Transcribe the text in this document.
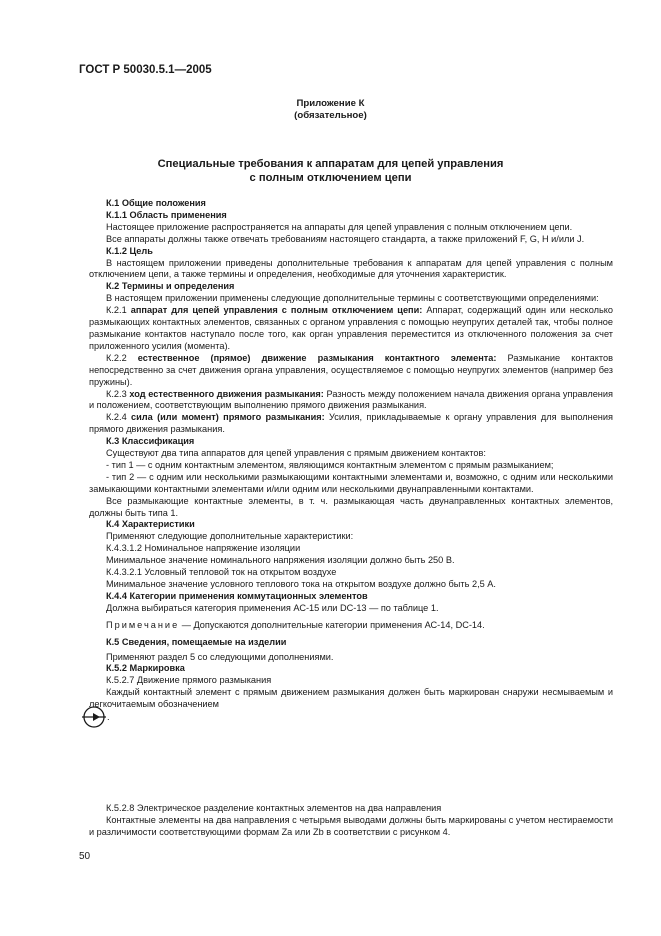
ГОСТ Р 50030.5.1—2005
Приложение К
(обязательное)
Специальные требования к аппаратам для цепей управления
с полным отключением цепи

К.1 Общие положения

К.1.1 Область применения

Настоящее приложение распространяется на аппараты для цепей управления с полным отключением цепи.

Все аппараты должны также отвечать требованиям настоящего стандарта, а также приложений F, G, H и/или J.

К.1.2 Цель

В настоящем приложении приведены дополнительные требования к аппаратам для цепей управления с полным отключением цепи, а также термины и определения, необходимые для уточнения характеристик.

К.2 Термины и определения

В настоящем приложении применены следующие дополнительные термины с соответствующими определениями:

К.2.1 аппарат для цепей управления с полным отключением цепи: Аппарат, содержащий один или несколько размыкающих контактных элементов, связанных с органом управления с помощью неупругих деталей так, чтобы полное размыкание контактов наступало после того, как орган управления переместится из отключенного положения за счет приложенного усилия (момента).

К.2.2 естественное (прямое) движение размыкания контактного элемента: Размыкание контактов непосредственно за счет движения органа управления, осуществляемое с помощью неупругих элементов (например без пружины).

К.2.3 ход естественного движения размыкания: Разность между положением начала движения органа управления и положением, соответствующим выполнению прямого движения размыкания.

К.2.4 сила (или момент) прямого размыкания: Усилия, прикладываемые к органу управления для выполнения прямого движения размыкания.

К.3 Классификация

Существуют два типа аппаратов для цепей управления с прямым движением контактов:

- тип 1 — с одним контактным элементом, являющимся контактным элементом с прямым размыканием;

- тип 2 — с одним или несколькими размыкающими контактными элементами и, возможно, с одним или несколькими замыкающими контактными элементами и/или одним или несколькими двунаправленными контактами.

Все размыкающие контактные элементы, в т. ч. размыкающая часть двунаправленных контактных элементов, должны быть типа 1.

К.4 Характеристики

Применяют следующие дополнительные характеристики:

К.4.3.1.2 Номинальное напряжение изоляции

Минимальное значение номинального напряжения изоляции должно быть 250 В.

К.4.3.2.1 Условный тепловой ток на открытом воздухе

Минимальное значение условного теплового тока на открытом воздухе должно быть 2,5 А.

К.4.4 Категории применения коммутационных элементов

Должна выбираться категория применения АС-15 или DC-13 — по таблице 1.

Примечание — Допускаются дополнительные категории применения АС-14, DC-14.

К.5 Сведения, помещаемые на изделии

Применяют раздел 5 со следующими дополнениями.

К.5.2 Маркировка

К.5.2.7 Движение прямого размыкания

Каждый контактный элемент с прямым движением размыкания должен быть маркирован снаружи несмываемым и легкочитаемым обозначением

.

К.5.2.8 Электрическое разделение контактных элементов на два направления

Контактные элементы на два направления с четырьмя выводами должны быть маркированы с учетом нестираемости и различимости соответствующими формам Za или Zb в соответствии с рисунком 4.

50
